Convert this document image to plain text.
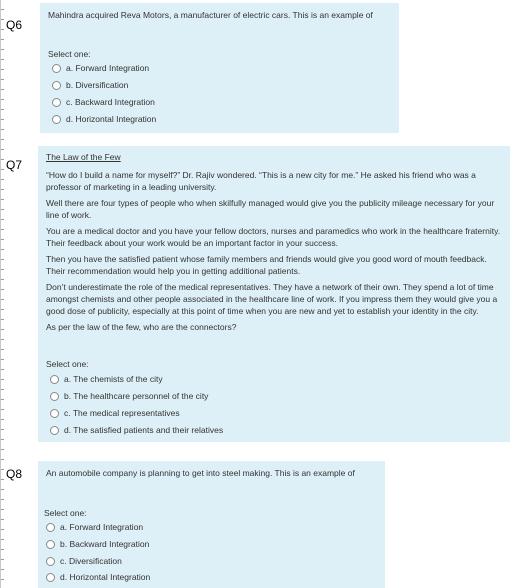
Q6
Mahindra acquired Reva Motors, a manufacturer of electric cars. This is an example of
Select one:
a. Forward Integration
b. Diversification
c. Backward Integration
d. Horizontal Integration
Q7
The Law of the Few

“How do I build a name for myself?” Dr. Rajiv wondered. “This is a new city for me.” He asked his friend who was a professor of marketing in a leading university.

Well there are four types of people who when skilfully managed would give you the publicity mileage necessary for your line of work.

You are a medical doctor and you have your fellow doctors, nurses and paramedics who work in the healthcare fraternity. Their feedback about your work would be an important factor in your success.

Then you have the satisfied patient whose family members and friends would give you good word of mouth feedback. Their recommendation would help you in getting additional patients.

Don’t underestimate the role of the medical representatives. They have a network of their own. They spend a lot of time amongst chemists and other people associated in the healthcare line of work. If you impress them they would give you a good dose of publicity, especially at this point of time when you are new and yet to establish your identity in the city.

As per the law of the few, who are the connectors?

Select one:
a. The chemists of the city
b. The healthcare personnel of the city
c. The medical representatives
d. The satisfied patients and their relatives
Q8	An automobile company is planning to get into steel making. This is an example of
Select one:
a. Forward Integration
b. Backward Integration
c. Diversification
d. Horizontal Integration
